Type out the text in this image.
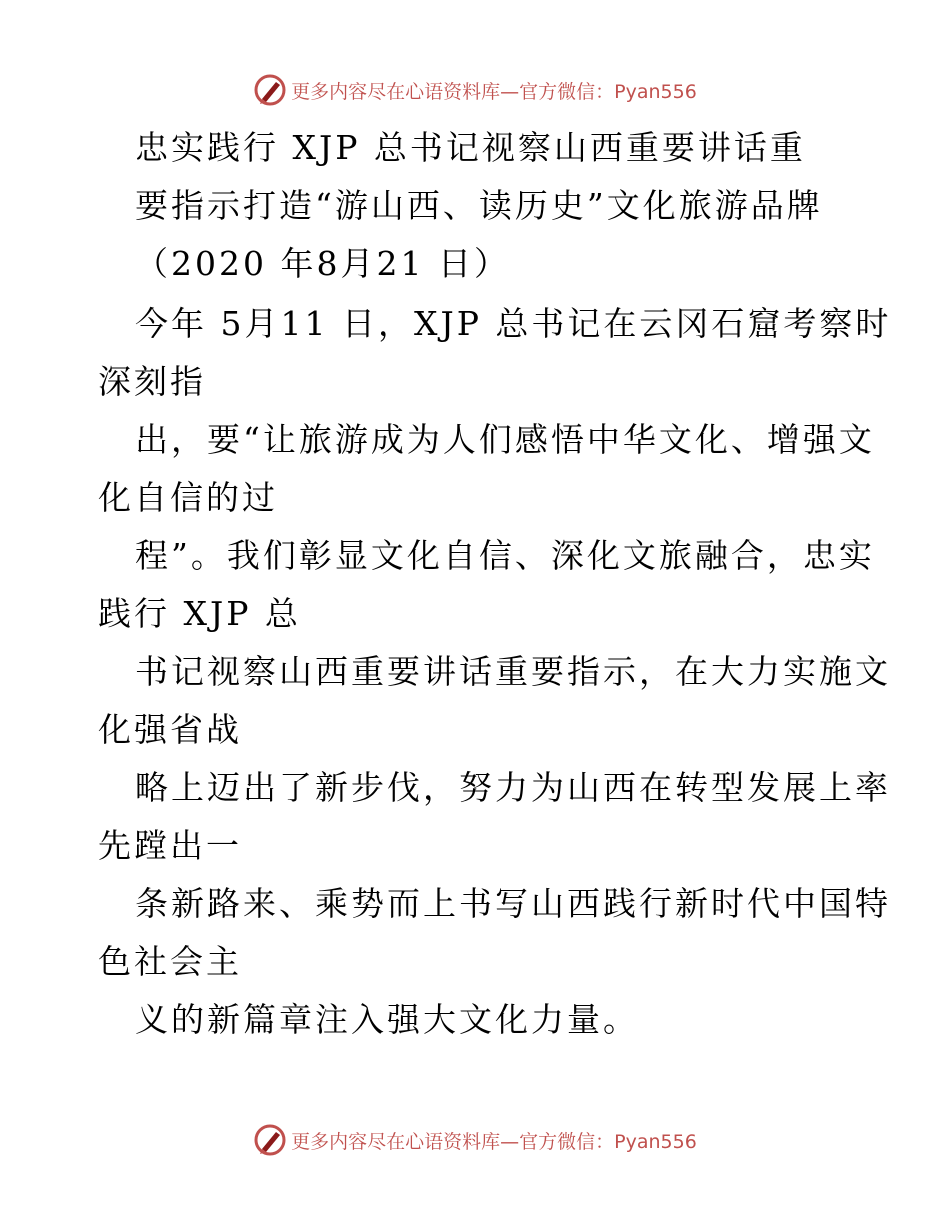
更多内容尽在心语资料库—官方微信：Pyan556
忠实践行 XJP 总书记视察山西重要讲话重
要指示打造“游山西、读历史”文化旅游品牌
（2020 年8月21 日）
今年 5月11 日，XJP 总书记在云冈石窟考察时
深刻指
出，要“让旅游成为人们感悟中华文化、增强文
化自信的过
程”。我们彰显文化自信、深化文旅融合，忠实
践行 XJP 总
书记视察山西重要讲话重要指示，在大力实施文
化强省战
略上迈出了新步伐，努力为山西在转型发展上率
先蹚出一
条新路来、乘势而上书写山西践行新时代中国特
色社会主
义的新篇章注入强大文化力量。
更多内容尽在心语资料库—官方微信：Pyan556
